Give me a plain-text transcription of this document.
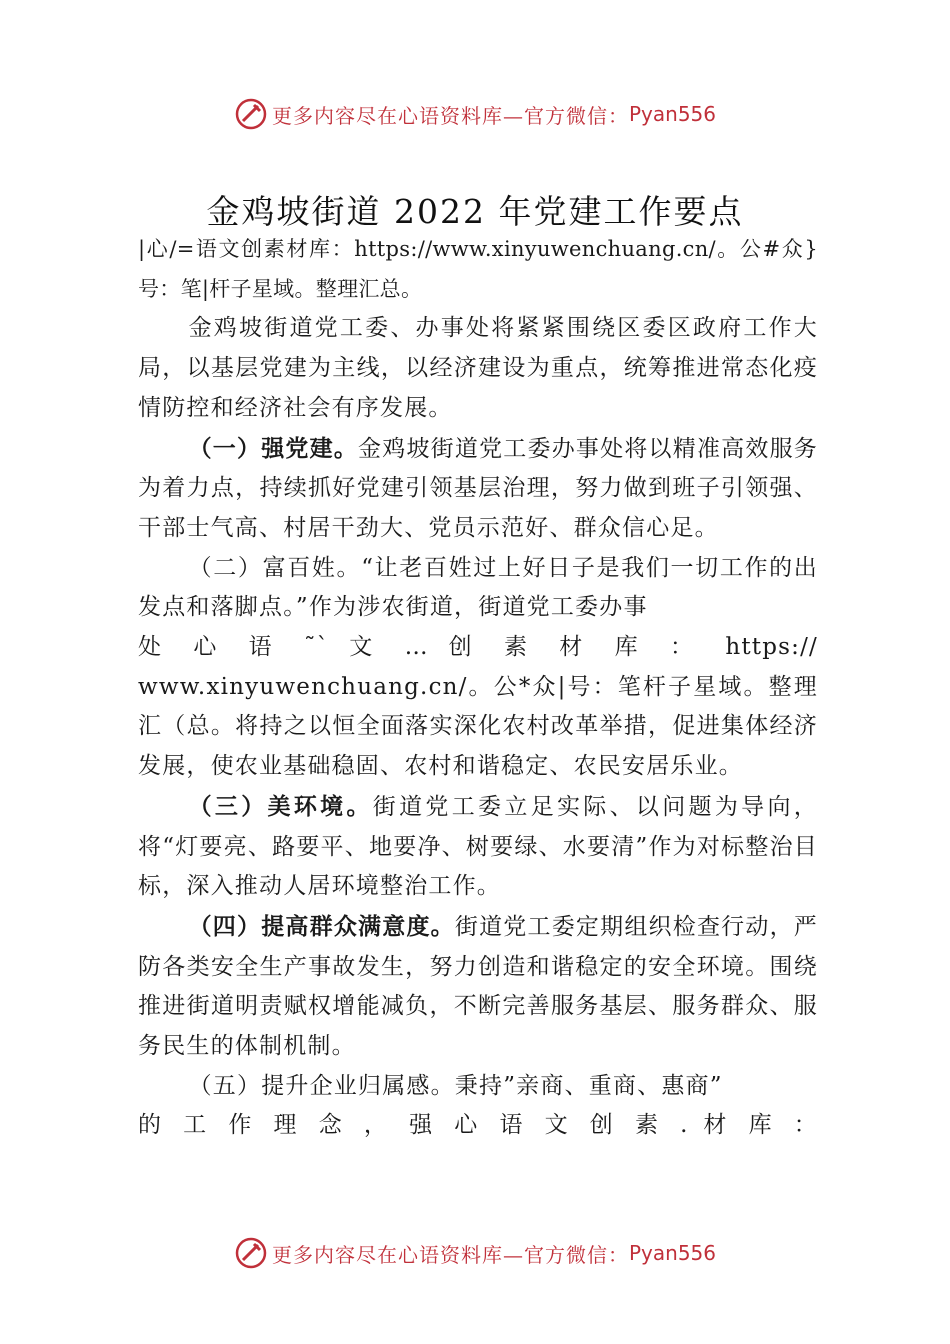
更多内容尽在心语资料库—官方微信： Pyan556
金鸡坡街道 2022 年党建工作要点

|心/=语文创素材库：https://www.xinyuwenchuang.cn/。公#众}号：笔|杆子星域。整理汇总。

金鸡坡街道党工委、办事处将紧紧围绕区委区政府工作大局，以基层党建为主线，以经济建设为重点，统筹推进常态化疫情防控和经济社会有序发展。

（一）强党建。金鸡坡街道党工委办事处将以精准高效服务为着力点，持续抓好党建引领基层治理，努力做到班子引领强、干部士气高、村居干劲大、党员示范好、群众信心足。

（二）富百姓。“让老百姓过上好日子是我们一切工作的出发点和落脚点。”作为涉农街道，街道党工委办事

处 心 语 ˜` 文 … 创 素 材 库 ： https://

www.xinyuwenchuang.cn/。公*众|号：笔杆子星域。整理汇（总。将持之以恒全面落实深化农村改革举措，促进集体经济发展，使农业基础稳固、农村和谐稳定、农民安居乐业。

（三）美环境。街道党工委立足实际、以问题为导向，将“灯要亮、路要平、地要净、树要绿、水要清”作为对标整治目标，深入推动人居环境整治工作。

（四）提高群众满意度。街道党工委定期组织检查行动，严防各类安全生产事故发生，努力创造和谐稳定的安全环境。围绕推进街道明责赋权增能减负，不断完善服务基层、服务群众、服务民生的体制机制。

（五）提升企业归属感。秉持”亲商、重商、惠商”

的 工 作 理 念 ， 强 心 语 文 创 素 . 材 库 ：

更多内容尽在心语资料库—官方微信： Pyan556
